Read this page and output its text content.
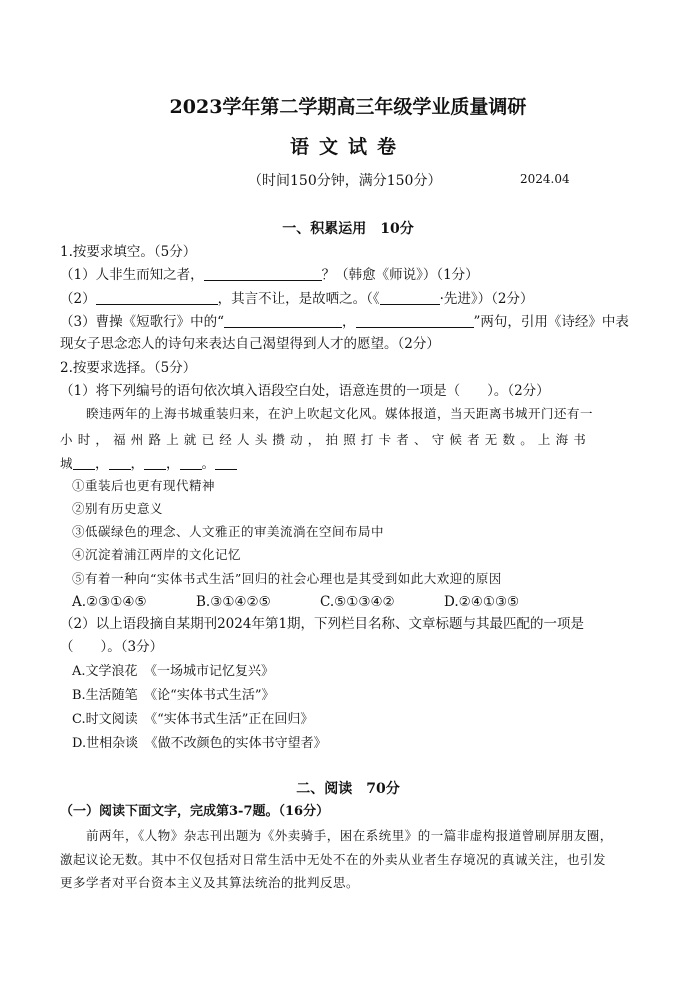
2023学年第二学期高三年级学业质量调研
语文试卷
（时间150分钟，满分150分）	2024.04
一、积累运用　10分
1.按要求填空。（5分）
（1）人非生而知之者，	？（韩愈《师说》）（1分）
（2）	，其言不让，是故哂之。（《	·先进》）（2分）
（3）曹操《短歌行》中的“	，	”两句，引用《诗经》中表
现女子思念恋人的诗句来表达自己渴望得到人才的愿望。（2分）
2.按要求选择。（5分）
（1）将下列编号的语句依次填入语段空白处，语意连贯的一项是（　　）。（2分）
睽违两年的上海书城重装归来，在沪上吹起文化风。媒体报道，当天距离书城开门还有一
小时，福州路上就已经人头攒动，拍照打卡者、守候者无数。上海书
城 ， ， ， 。
①重装后也更有现代精神
②别有历史意义
③低碳绿色的理念、人文雅正的审美流淌在空间布局中
④沉淀着浦江两岸的文化记忆
⑤有着一种向“实体书式生活”回归的社会心理也是其受到如此大欢迎的原因
A.②③①④⑤	B.③①④②⑤	C.⑤①③④②	D.②④①③⑤
（2）以上语段摘自某期刊2024年第1期，下列栏目名称、文章标题与其最匹配的一项是
（　　）。（3分）
A.文学浪花　《一场城市记忆复兴》
B.生活随笔　《论“实体书式生活”》
C.时文阅读　《“实体书式生活”正在回归》
D.世相杂谈　《做不改颜色的实体书守望者》
二、阅读　70分
（一）阅读下面文字，完成第3-7题。（16分）
前两年，《人物》杂志刊出题为《外卖骑手，困在系统里》的一篇非虚构报道曾刷屏朋友圈，
激起议论无数。其中不仅包括对日常生活中无处不在的外卖从业者生存境况的真诚关注，也引发
更多学者对平台资本主义及其算法统治的批判反思。
